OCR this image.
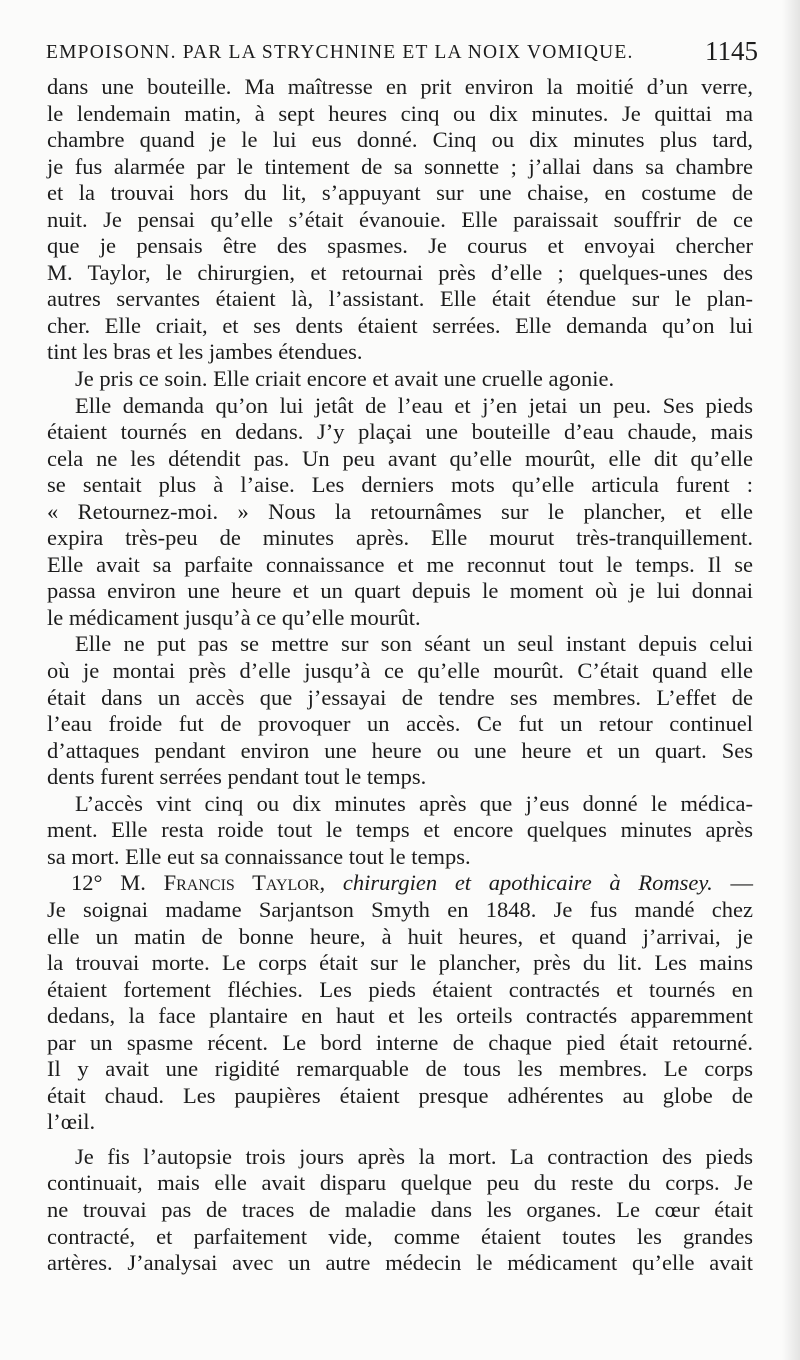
EMPOISONN. PAR LA STRYCHNINE ET LA NOIX VOMIQUE.	1145
dans une bouteille. Ma maîtresse en prit environ la moitié d’un verre,
le lendemain matin, à sept heures cinq ou dix minutes. Je quittai ma
chambre quand je le lui eus donné. Cinq ou dix minutes plus tard,
je fus alarmée par le tintement de sa sonnette ; j’allai dans sa chambre
et la trouvai hors du lit, s’appuyant sur une chaise, en costume de
nuit. Je pensai qu’elle s’était évanouie. Elle paraissait souffrir de ce
que je pensais être des spasmes. Je courus et envoyai chercher
M. Taylor, le chirurgien, et retournai près d’elle ; quelques-unes des
autres servantes étaient là, l’assistant. Elle était étendue sur le plan-
cher. Elle criait, et ses dents étaient serrées. Elle demanda qu’on lui
tint les bras et les jambes étendues.
Je pris ce soin. Elle criait encore et avait une cruelle agonie.
Elle demanda qu’on lui jetât de l’eau et j’en jetai un peu. Ses pieds
étaient tournés en dedans. J’y plaçai une bouteille d’eau chaude, mais
cela ne les détendit pas. Un peu avant qu’elle mourût, elle dit qu’elle
se sentait plus à l’aise. Les derniers mots qu’elle articula furent :
« Retournez-moi. » Nous la retournâmes sur le plancher, et elle
expira très-peu de minutes après. Elle mourut très-tranquillement.
Elle avait sa parfaite connaissance et me reconnut tout le temps. Il se
passa environ une heure et un quart depuis le moment où je lui donnai
le médicament jusqu’à ce qu’elle mourût.
Elle ne put pas se mettre sur son séant un seul instant depuis celui
où je montai près d’elle jusqu’à ce qu’elle mourût. C’était quand elle
était dans un accès que j’essayai de tendre ses membres. L’effet de
l’eau froide fut de provoquer un accès. Ce fut un retour continuel
d’attaques pendant environ une heure ou une heure et un quart. Ses
dents furent serrées pendant tout le temps.
L’accès vint cinq ou dix minutes après que j’eus donné le médica-
ment. Elle resta roide tout le temps et encore quelques minutes après
sa mort. Elle eut sa connaissance tout le temps.
12° M. Francis Taylor, chirurgien et apothicaire à Romsey. —
Je soignai madame Sarjantson Smyth en 1848. Je fus mandé chez
elle un matin de bonne heure, à huit heures, et quand j’arrivai, je
la trouvai morte. Le corps était sur le plancher, près du lit. Les mains
étaient fortement fléchies. Les pieds étaient contractés et tournés en
dedans, la face plantaire en haut et les orteils contractés apparemment
par un spasme récent. Le bord interne de chaque pied était retourné.
Il y avait une rigidité remarquable de tous les membres. Le corps
était chaud. Les paupières étaient presque adhérentes au globe de
l’œil.
Je fis l’autopsie trois jours après la mort. La contraction des pieds
continuait, mais elle avait disparu quelque peu du reste du corps. Je
ne trouvai pas de traces de maladie dans les organes. Le cœur était
contracté, et parfaitement vide, comme étaient toutes les grandes
artères. J’analysai avec un autre médecin le médicament qu’elle avait
